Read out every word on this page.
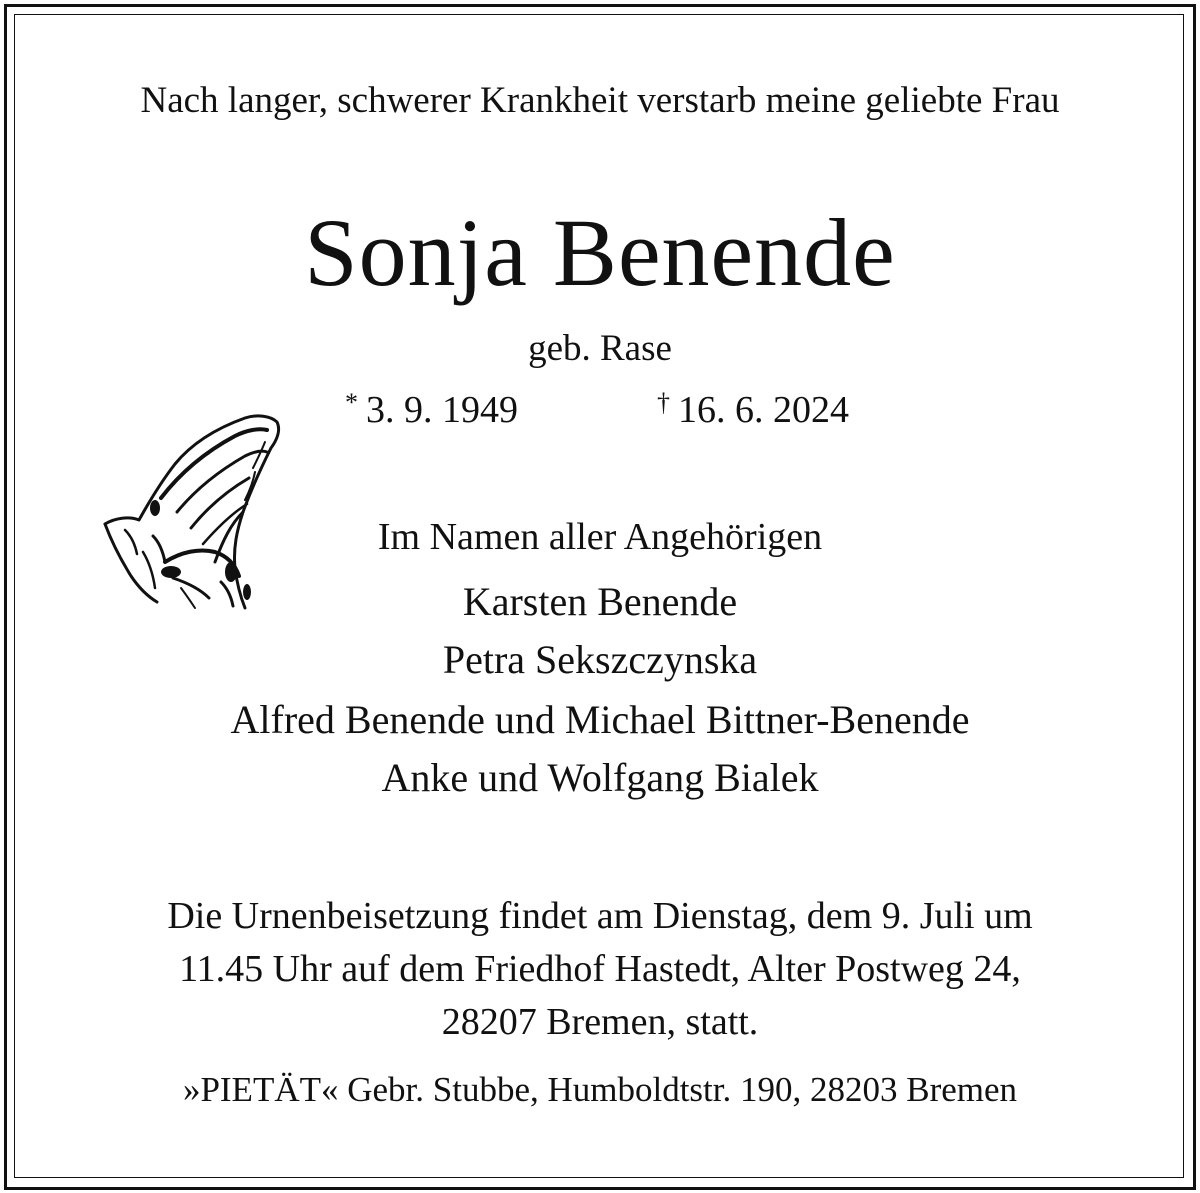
Nach langer, schwerer Krankheit verstarb meine geliebte Frau
Sonja Benende
geb. Rase
* 3. 9. 1949	† 16. 6. 2024
Im Namen aller Angehörigen
Karsten Benende
Petra Sekszczynska
Alfred Benende und Michael Bittner-Benende
Anke und Wolfgang Bialek
Die Urnenbeisetzung findet am Dienstag, dem 9. Juli um
11.45 Uhr auf dem Friedhof Hastedt, Alter Postweg 24,
28207 Bremen, statt.
»PIETÄT« Gebr. Stubbe, Humboldtstr. 190, 28203 Bremen
